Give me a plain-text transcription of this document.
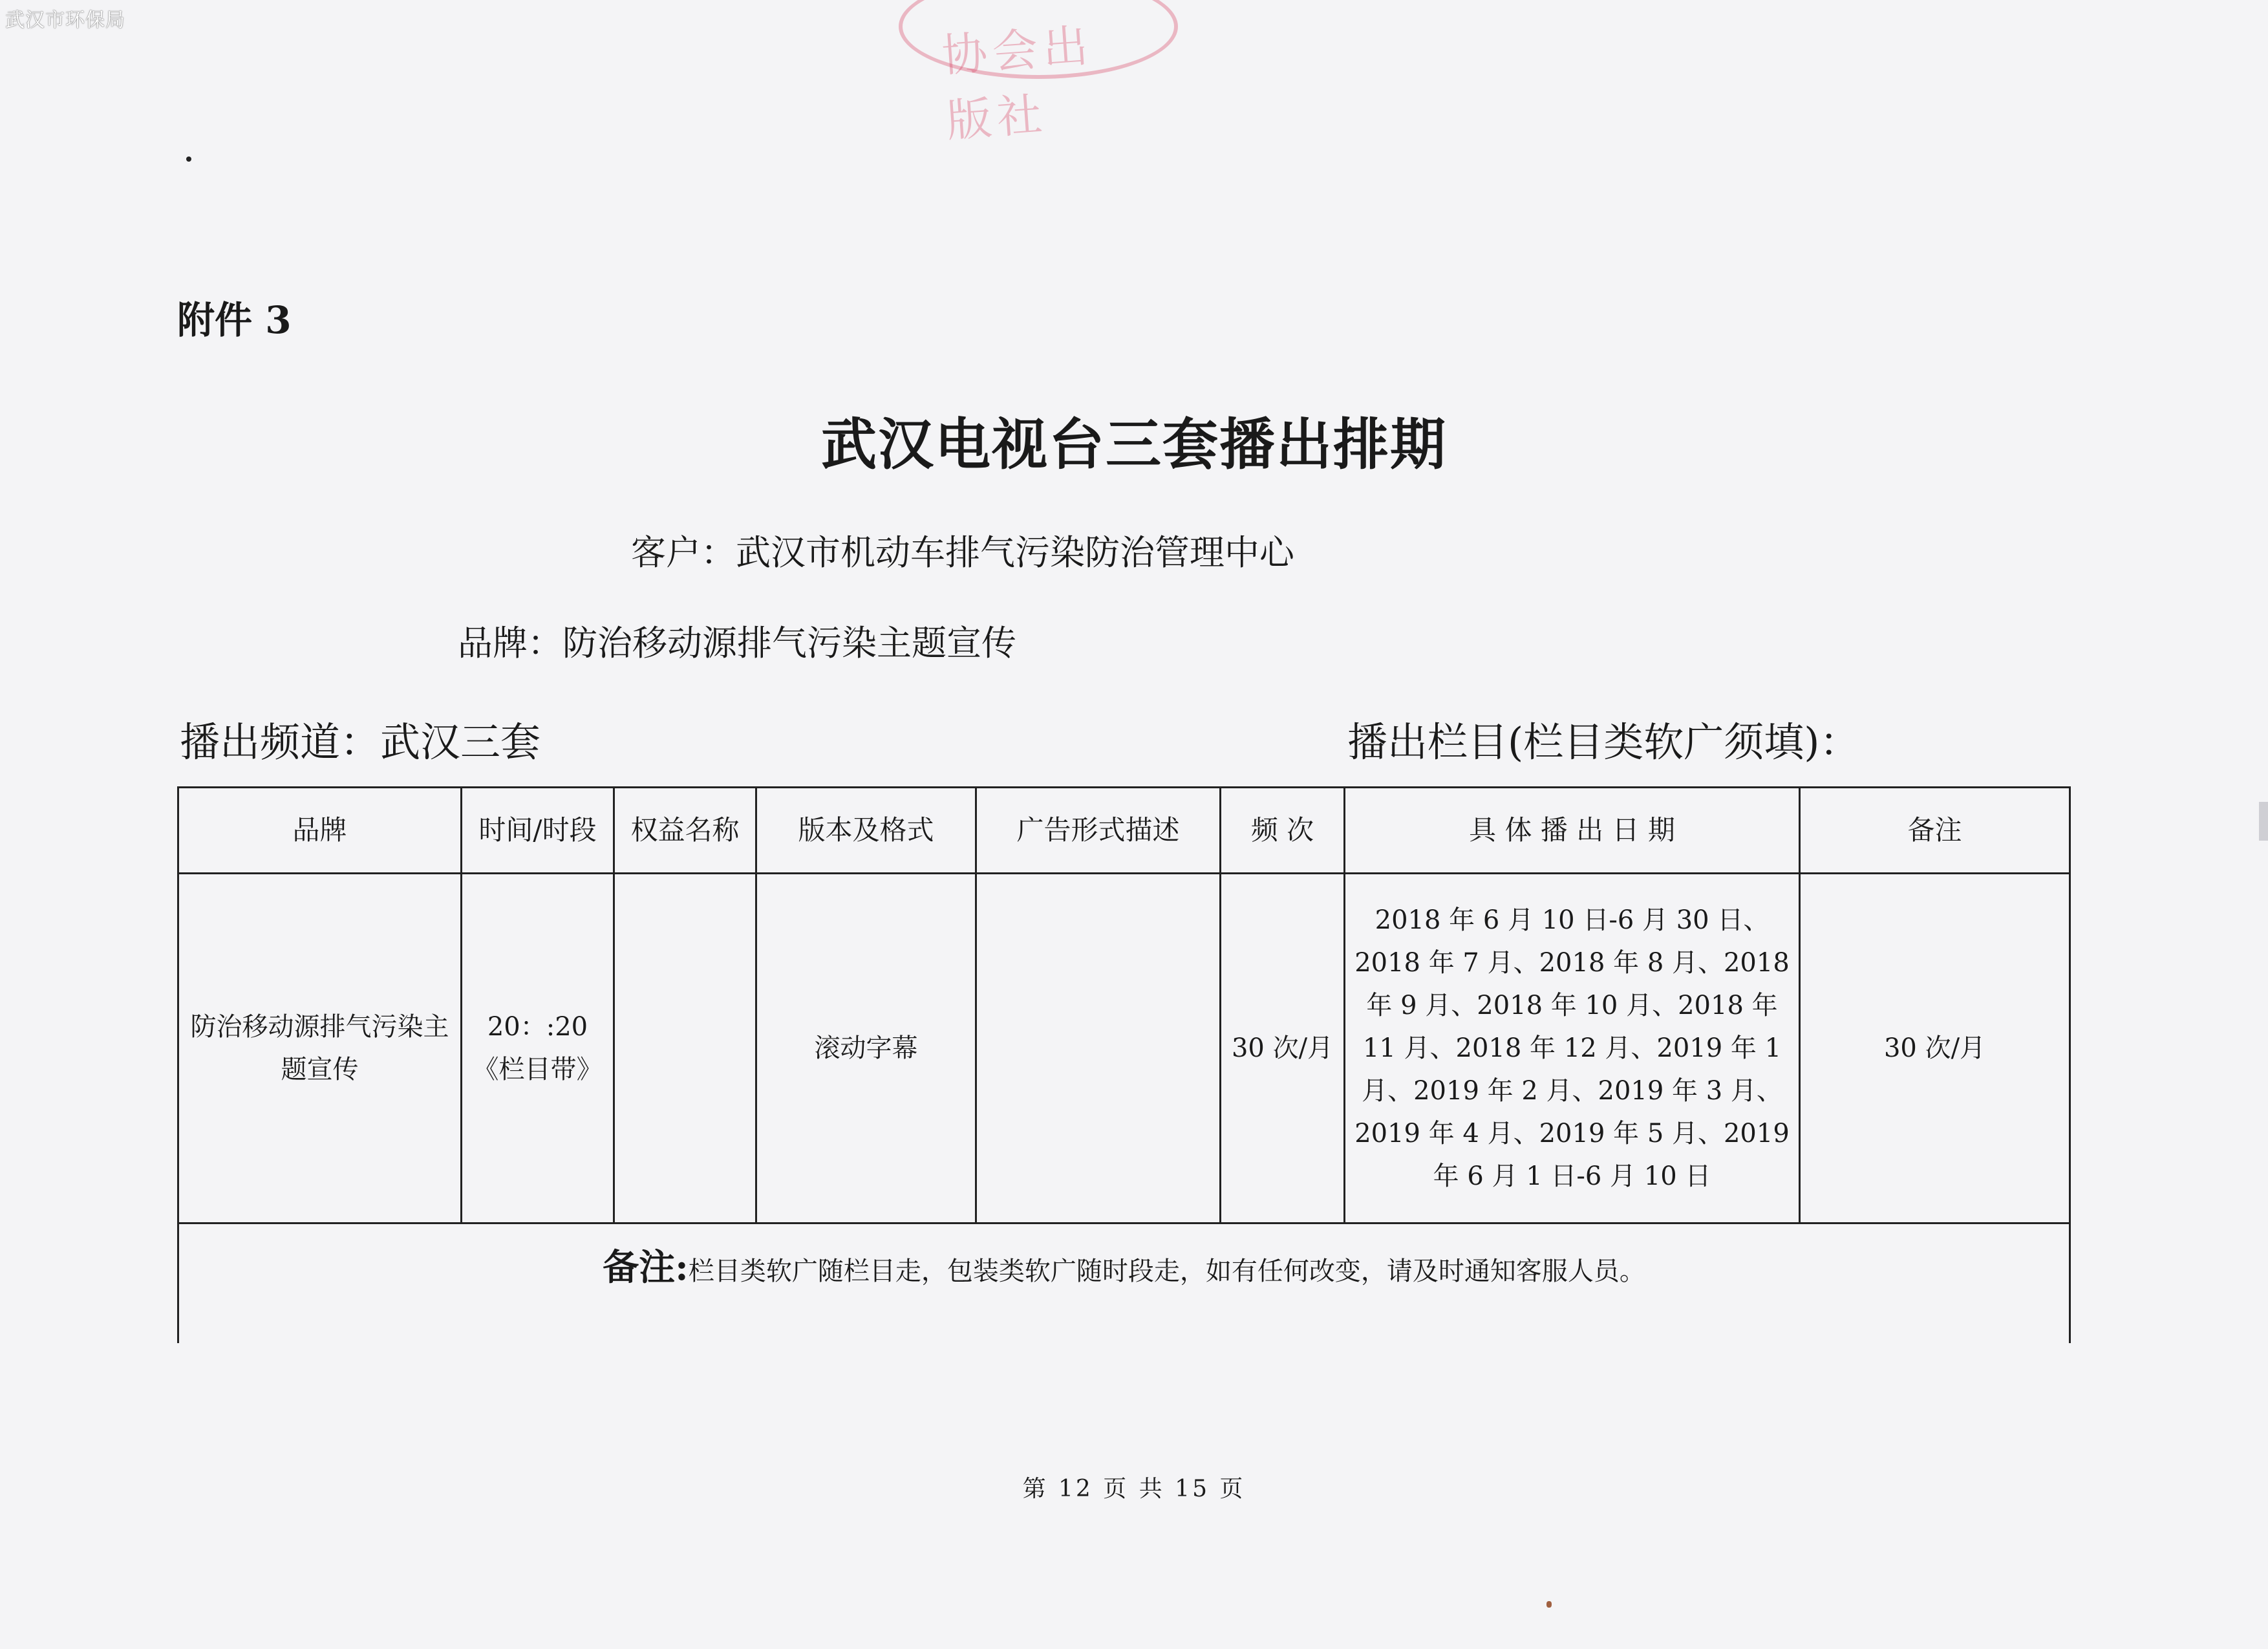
武汉市环保局	协会出版社
附件 3
武汉电视台三套播出排期
客户：武汉市机动车排气污染防治管理中心
品牌：防治移动源排气污染主题宣传
播出频道：武汉三套	播出栏目(栏目类软广须填)：
品牌	时间/时段	权益名称	版本及格式	广告形式描述	频 次	具 体 播 出 日 期	备注
防治移动源排气污染主题宣传	20：:20《栏目带》		滚动字幕		30 次/月	2018 年 6 月 10 日-6 月 30 日、2018 年 7 月、2018 年 8 月、2018 年 9 月、2018 年 10 月、2018 年 11 月、2018 年 12 月、2019 年 1 月、2019 年 2 月、2019 年 3 月、2019 年 4 月、2019 年 5 月、2019 年 6 月 1 日-6 月 10 日	30 次/月
备注:栏目类软广随栏目走，包装类软广随时段走，如有任何改变，请及时通知客服人员。							
第 12 页 共 15 页
